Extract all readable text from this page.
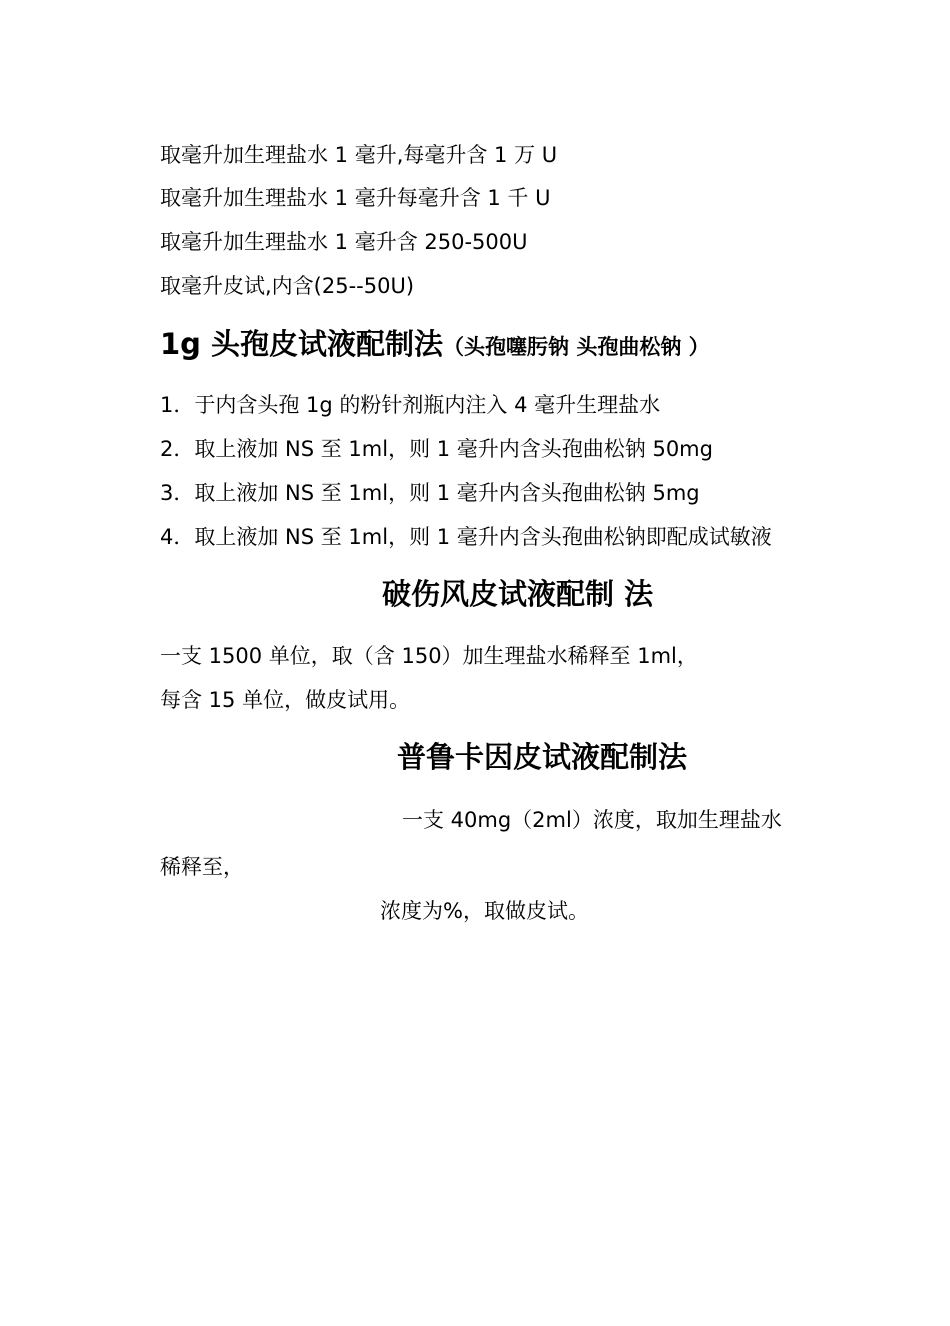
取毫升加生理盐水 1 毫升,每毫升含 1 万 U
取毫升加生理盐水 1 毫升每毫升含 1 千 U
取毫升加生理盐水 1 毫升含 250-500U
取毫升皮试,内含(25--50U)
1g 头孢皮试液配制法（头孢噻肟钠 头孢曲松钠 ）
1．于内含头孢 1g 的粉针剂瓶内注入 4 毫升生理盐水
2．取上液加 NS 至 1ml，则 1 毫升内含头孢曲松钠 50mg
3．取上液加 NS 至 1ml，则 1 毫升内含头孢曲松钠 5mg
4．取上液加 NS 至 1ml，则 1 毫升内含头孢曲松钠即配成试敏液
破伤风皮试液配制 法
一支 1500 单位，取（含 150）加生理盐水稀释至 1ml，
每含 15 单位，做皮试用。
普鲁卡因皮试液配制法
一支 40mg（2ml）浓度，取加生理盐水
稀释至，
浓度为%，取做皮试。
